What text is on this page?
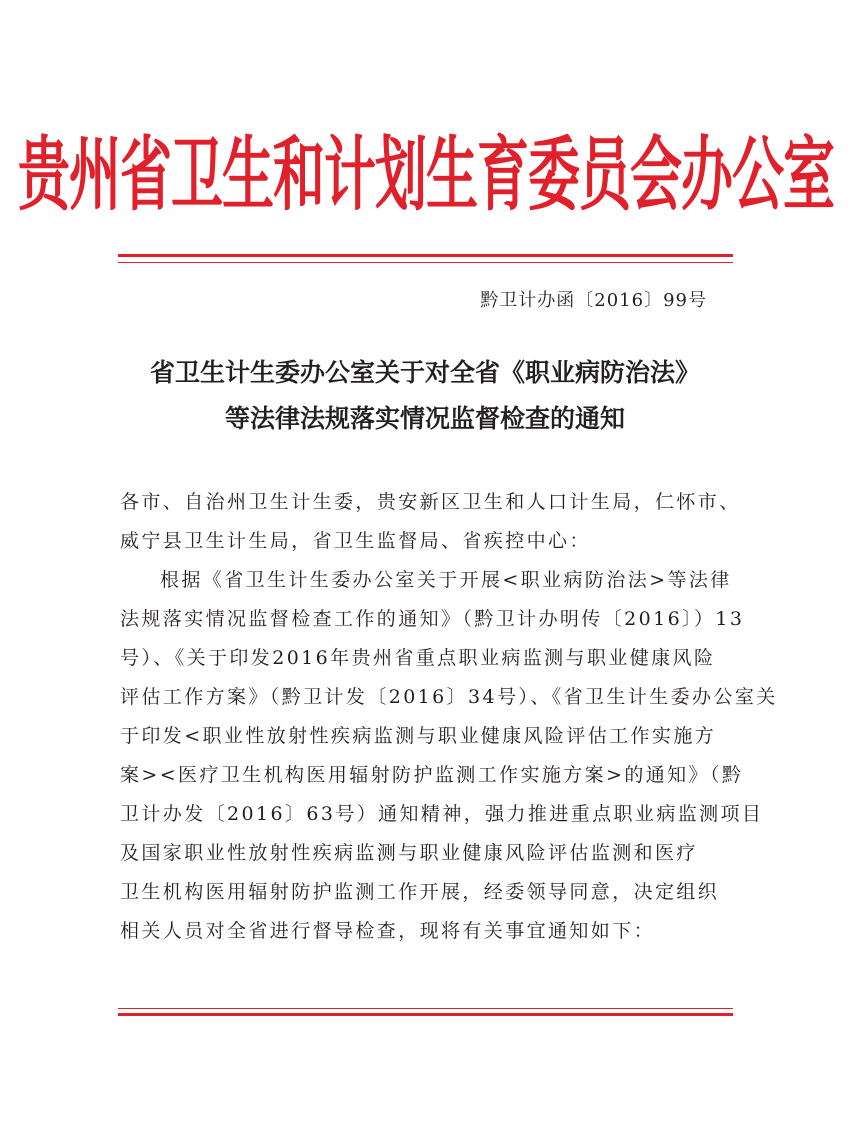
贵州省卫生和计划生育委员会办公室
黔卫计办函〔2016〕99号
省卫生计生委办公室关于对全省《职业病防治法》
等法律法规落实情况监督检查的通知
各市、自治州卫生计生委，贵安新区卫生和人口计生局，仁怀市、
威宁县卫生计生局，省卫生监督局、省疾控中心：
根据《省卫生计生委办公室关于开展<职业病防治法>等法律
法规落实情况监督检查工作的通知》（黔卫计办明传〔2016〕）13
号）、《关于印发2016年贵州省重点职业病监测与职业健康风险
评估工作方案》（黔卫计发〔2016〕34号）、《省卫生计生委办公室关
于印发<职业性放射性疾病监测与职业健康风险评估工作实施方
案><医疗卫生机构医用辐射防护监测工作实施方案>的通知》（黔
卫计办发〔2016〕63号）通知精神，强力推进重点职业病监测项目
及国家职业性放射性疾病监测与职业健康风险评估监测和医疗
卫生机构医用辐射防护监测工作开展，经委领导同意，决定组织
相关人员对全省进行督导检查，现将有关事宜通知如下：
